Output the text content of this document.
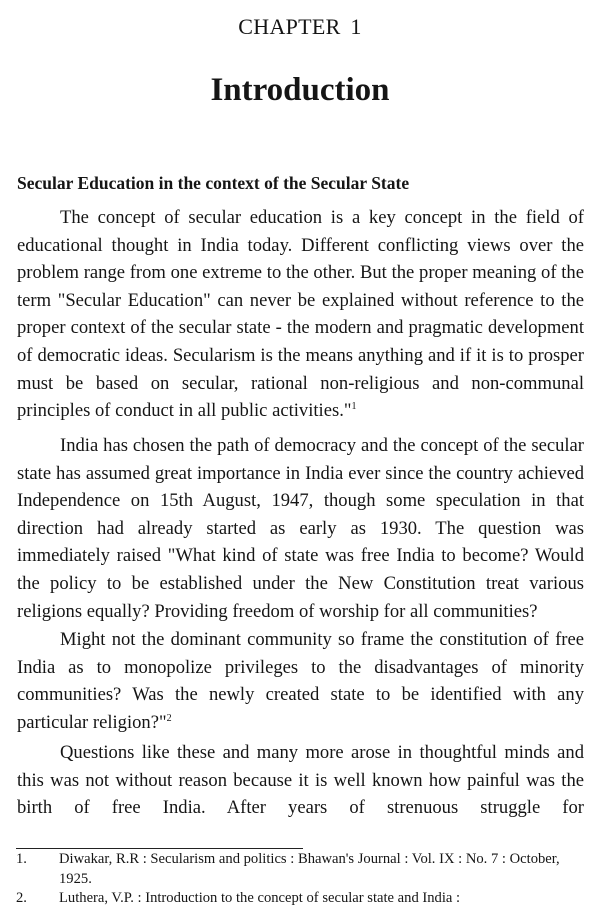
CHAPTER 1
Introduction
Secular Education in the context of the Secular State

The concept of secular education is a key concept in the field of educational thought in India today. Different conflicting views over the problem range from one extreme to the other. But the proper meaning of the term "Secular Education" can never be explained without reference to the proper context of the secular state - the modern and pragmatic development of democratic ideas. Secularism is the means anything and if it is to prosper must be based on secular, rational non-religious and non-communal principles of conduct in all public activities."$^1$

India has chosen the path of democracy and the concept of the secular state has assumed great importance in India ever since the country achieved Independence on 15th August, 1947, though some speculation in that direction had already started as early as 1930. The question was immediately raised "What kind of state was free India to become? Would the policy to be established under the New Constitution treat various religions equally? Providing freedom of worship for all communities?

Might not the dominant community so frame the constitution of free India as to monopolize privileges to the disadvantages of minority communities? Was the newly created state to be identified with any particular religion?"$^2$

Questions like these and many more arose in thoughtful minds and this was not without reason because it is well known how painful was the birth of free India. After years of strenuous struggle for

1.	Diwakar, R.R : Secularism and politics : Bhawan's Journal : Vol. IX : No. 7 : October, 1925.
2.	Luthera, V.P. : Introduction to the concept of secular state and India :
